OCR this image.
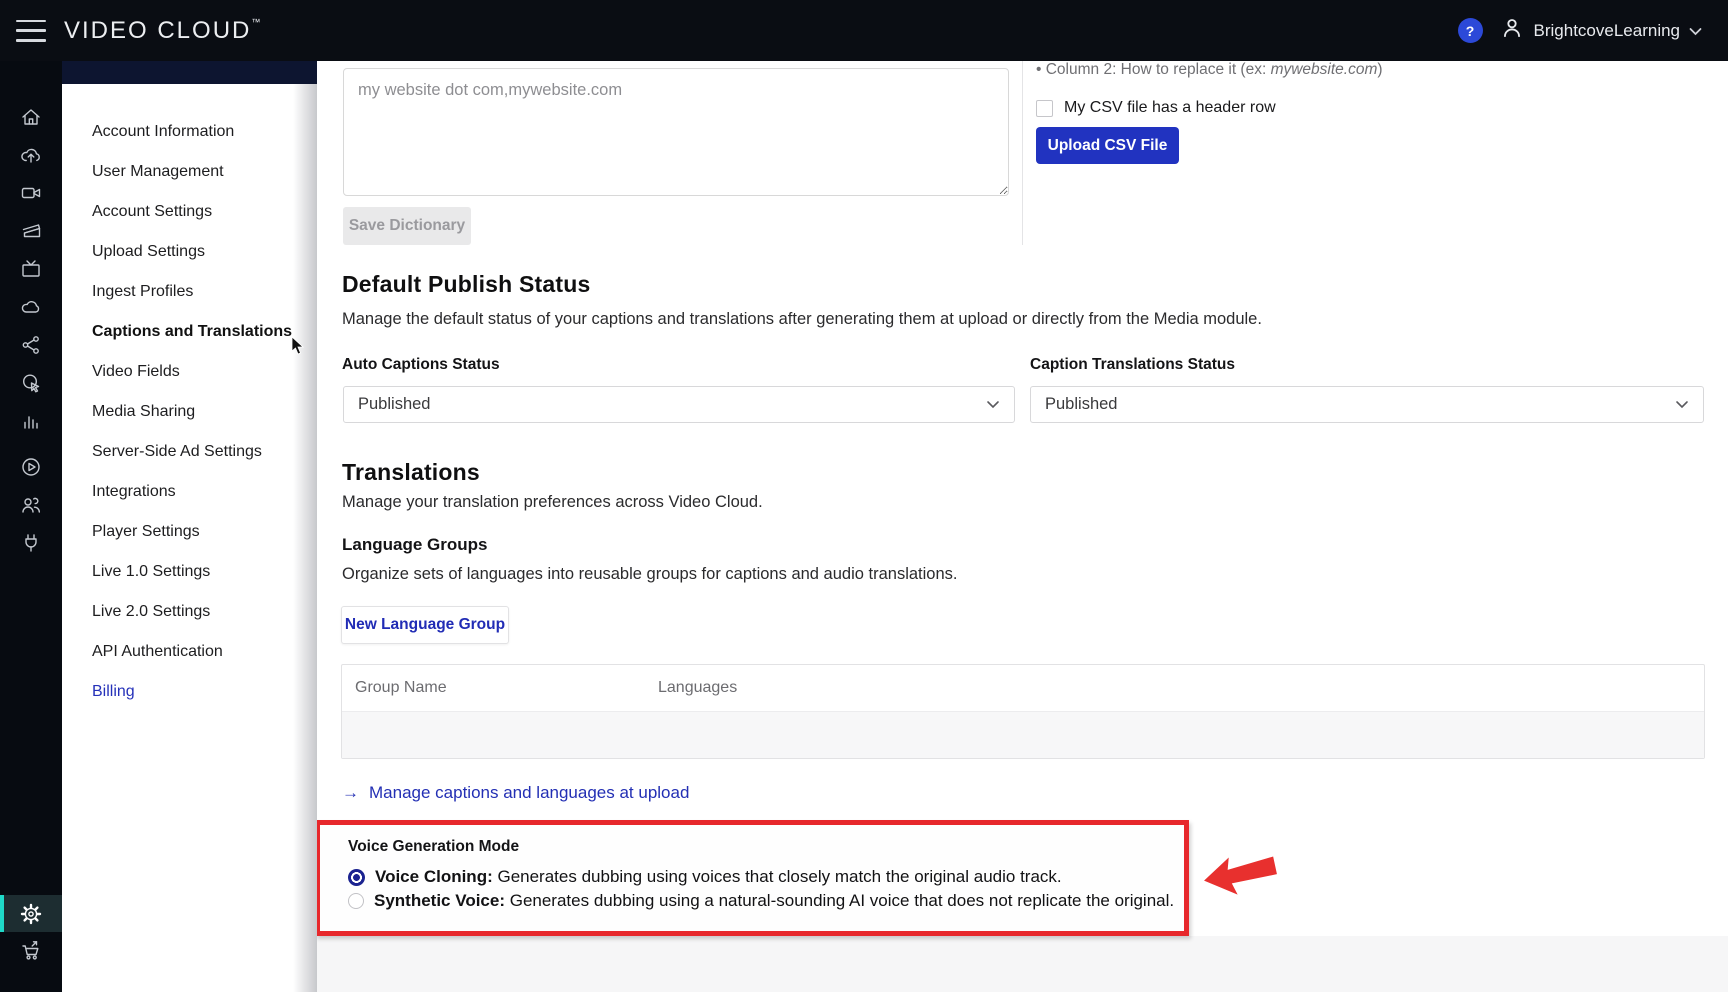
VIDEO CLOUD™
?	BrightcoveLearning
Account Information
User Management
Account Settings
Upload Settings
Ingest Profiles
Captions and Translations
Video Fields
Media Sharing
Server-Side Ad Settings
Integrations
Player Settings
Live 1.0 Settings
Live 2.0 Settings
API Authentication
Billing
my website dot com,mywebsite.com
Save Dictionary
• Column 2: How to replace it (ex: mywebsite.com)
My CSV file has a header row
Upload CSV File
Default Publish Status
Manage the default status of your captions and translations after generating them at upload or directly from the Media module.
Auto Captions Status
Published
Caption Translations Status
Published
Translations
Manage your translation preferences across Video Cloud.
Language Groups
Organize sets of languages into reusable groups for captions and audio translations.
New Language Group
Group Name	Languages
→ Manage captions and languages at upload
Voice Generation Mode
Voice Cloning: Generates dubbing using voices that closely match the original audio track.
Synthetic Voice: Generates dubbing using a natural-sounding AI voice that does not replicate the original.
